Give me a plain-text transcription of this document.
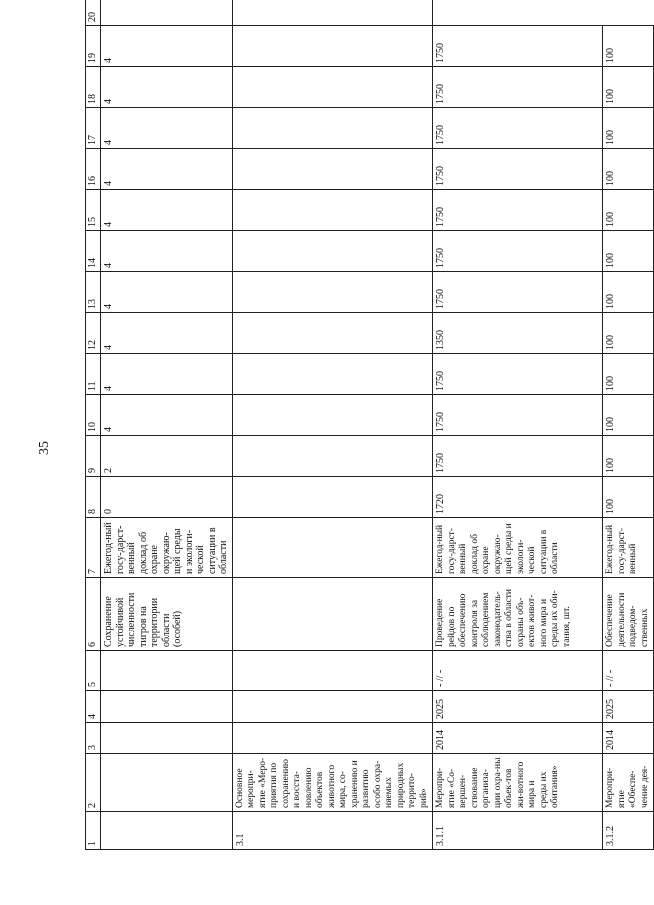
35
1	2	3	4	5	6	7	8	9	10	11	12	13	14	15	16	17	18	19	20
					Сохранение устойчивой численности тигров на территории области (особей)	Ежегод-ный госу-дарст-венный доклад об охране окружаю-щей среды и экологи-ческой ситуации в области	0	2	4	4	4	4	4	4	4	4	4	4	
3.1	Основное меропри-ятие «Меро-приятия по сохранению и восста-новлению объектов животного мира, со-хранению и развитию особо охра-няемых природных террито-рий»																		
3.1.1	Меропри-ятие «Со-вершен-ствование организа-ции охра-ны объек-тов жи-вотного мира и среды их обитания»	2014	2025	- // -	Проведение рейдов по обеспечению контроля за соблюдением законодатель-ства в области охраны объ-ектов живот-ного мира и среды их оби-тания, шт.	Ежегод-ный госу-дарст-венный доклад об охране окружаю-щей среды и экологи-ческой ситуации в области	1720	1750	1750	1750	1350	1750	1750	1750	1750	1750	1750	1750	
3.1.2	Меропри-ятие «Обеспе-чение дея-	2014	2025	- // -	Обеспечение деятельности подведом-ственных	Ежегод-ный госу-дарст-венный	100	100	100	100	100	100	100	100	100	100	100	100	
